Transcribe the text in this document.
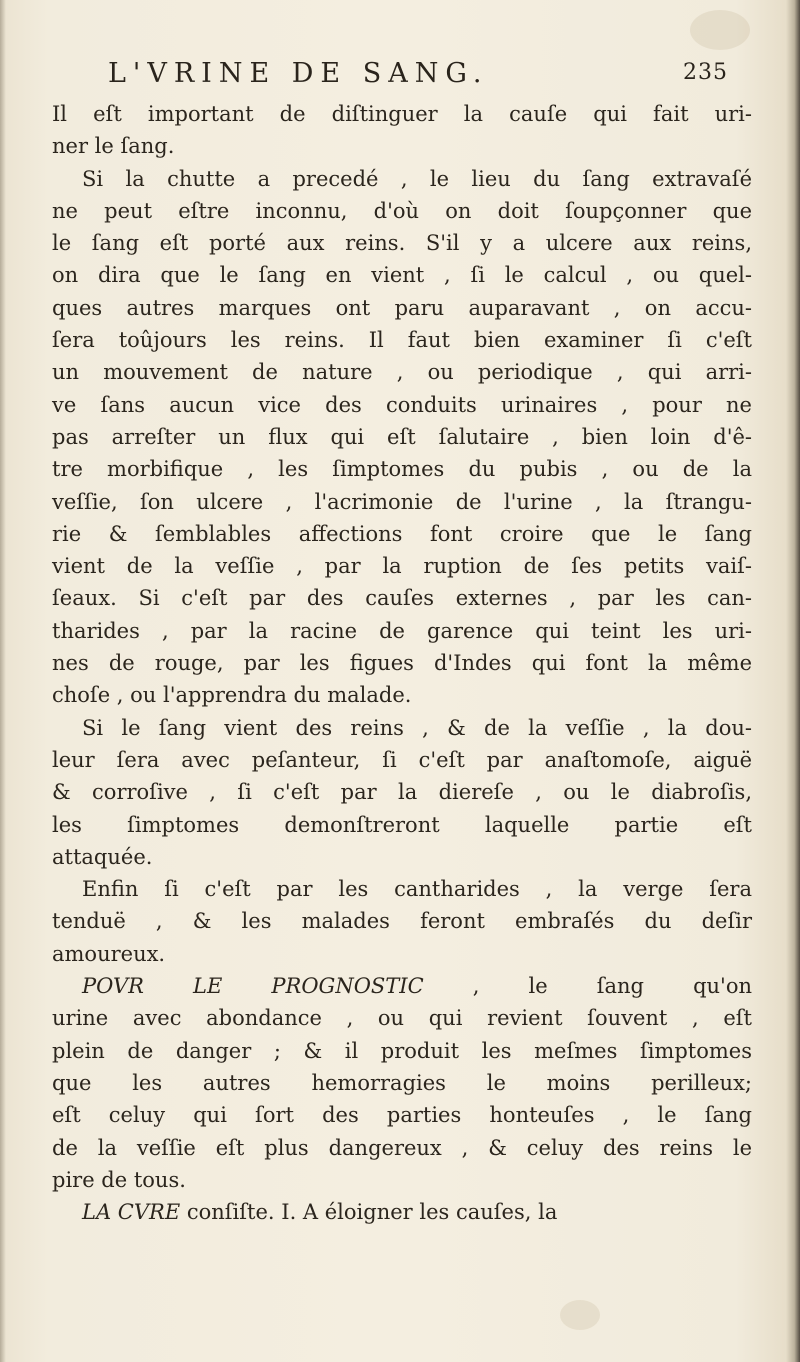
L'VRINE DE SANG.	235
Il eſt important de diſtinguer la cauſe qui fait uri-
ner le ſang.
Si la chutte a precedé , le lieu du ſang extravaſé
ne peut eſtre inconnu, d'où on doit ſoupçonner que
le ſang eſt porté aux reins. S'il y a ulcere aux reins,
on dira que le ſang en vient , ſi le calcul , ou quel-
ques autres marques ont paru auparavant , on accu-
ſera toûjours les reins. Il faut bien examiner ſi c'eſt
un mouvement de nature , ou periodique , qui arri-
ve ſans aucun vice des conduits urinaires , pour ne
pas arreſter un flux qui eſt ſalutaire , bien loin d'ê-
tre morbifique , les ſimptomes du pubis , ou de la
veſſie, ſon ulcere , l'acrimonie de l'urine , la ſtrangu-
rie & ſemblables affections font croire que le ſang
vient de la veſſie , par la ruption de ſes petits vaiſ-
ſeaux. Si c'eſt par des cauſes externes , par les can-
tharides , par la racine de garence qui teint les uri-
nes de rouge, par les figues d'Indes qui font la même
choſe , ou l'apprendra du malade.
Si le ſang vient des reins , & de la veſſie , la dou-
leur ſera avec peſanteur, ſi c'eſt par anaſtomoſe, aiguë
& corroſive , ſi c'eſt par la diereſe , ou le diabroſis,
les ſimptomes demonſtreront laquelle partie eſt
attaquée.
Enfin ſi c'eſt par les cantharides , la verge ſera
tenduë , & les malades feront embraſés du deſir
amoureux.
POVR LE PROGNOSTIC , le ſang qu'on
urine avec abondance , ou qui revient ſouvent , eſt
plein de danger ; & il produit les meſmes ſimptomes
que les autres hemorragies le moins perilleux;
eſt celuy qui ſort des parties honteuſes , le ſang
de la veſſie eſt plus dangereux , & celuy des reins le
pire de tous.
LA CVRE conſiſte. I. A éloigner les cauſes, la
